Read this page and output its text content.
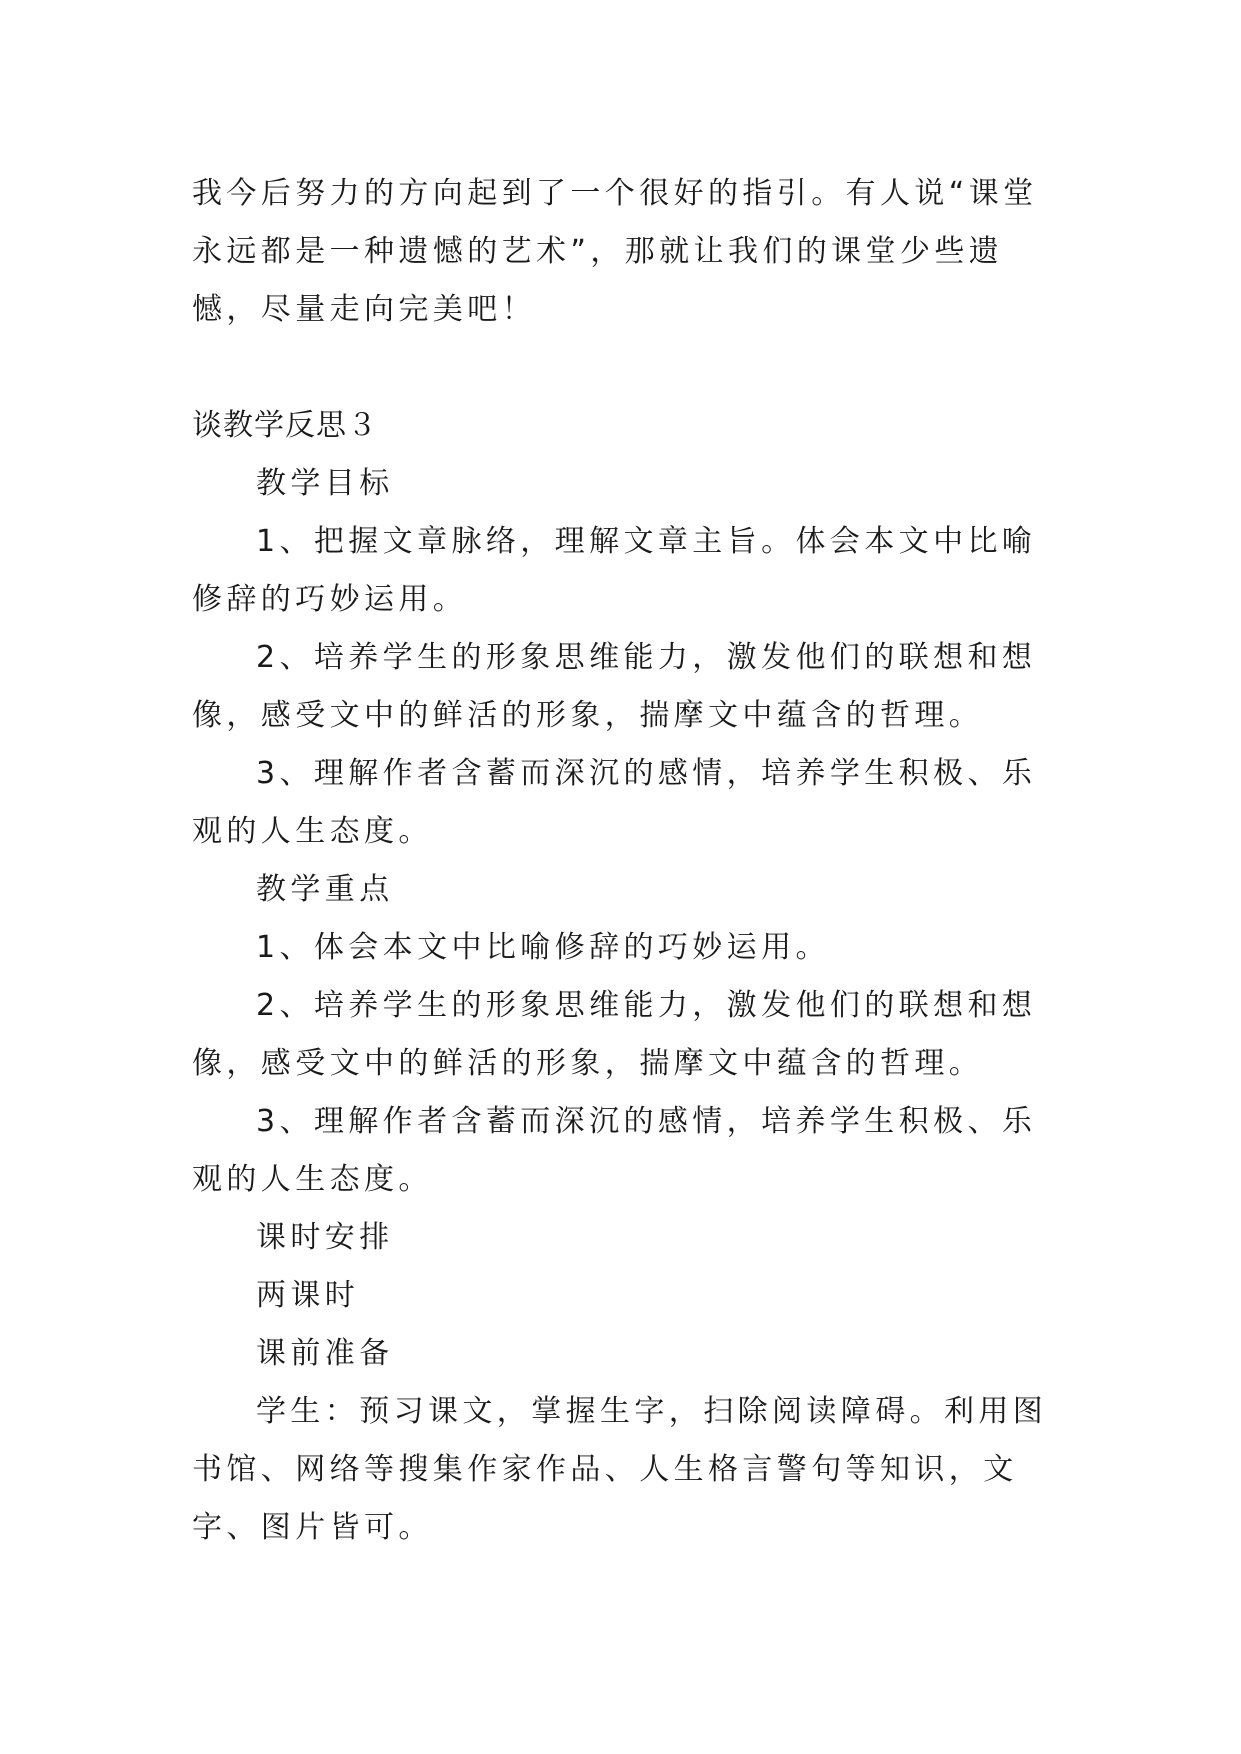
我今后努力的方向起到了一个很好的指引。有人说“课堂永远都是一种遗憾的艺术”，那就让我们的课堂少些遗憾，尽量走向完美吧！

谈教学反思３

教学目标

1、把握文章脉络，理解文章主旨。体会本文中比喻修辞的巧妙运用。

2、培养学生的形象思维能力，激发他们的联想和想像，感受文中的鲜活的形象，揣摩文中蕴含的哲理。

3、理解作者含蓄而深沉的感情，培养学生积极、乐观的人生态度。

教学重点

1、体会本文中比喻修辞的巧妙运用。

2、培养学生的形象思维能力，激发他们的联想和想像，感受文中的鲜活的形象，揣摩文中蕴含的哲理。

3、理解作者含蓄而深沉的感情，培养学生积极、乐观的人生态度。

课时安排

两课时

课前准备

学生：预习课文，掌握生字，扫除阅读障碍。利用图书馆、网络等搜集作家作品、人生格言警句等知识，文字、图片皆可。
